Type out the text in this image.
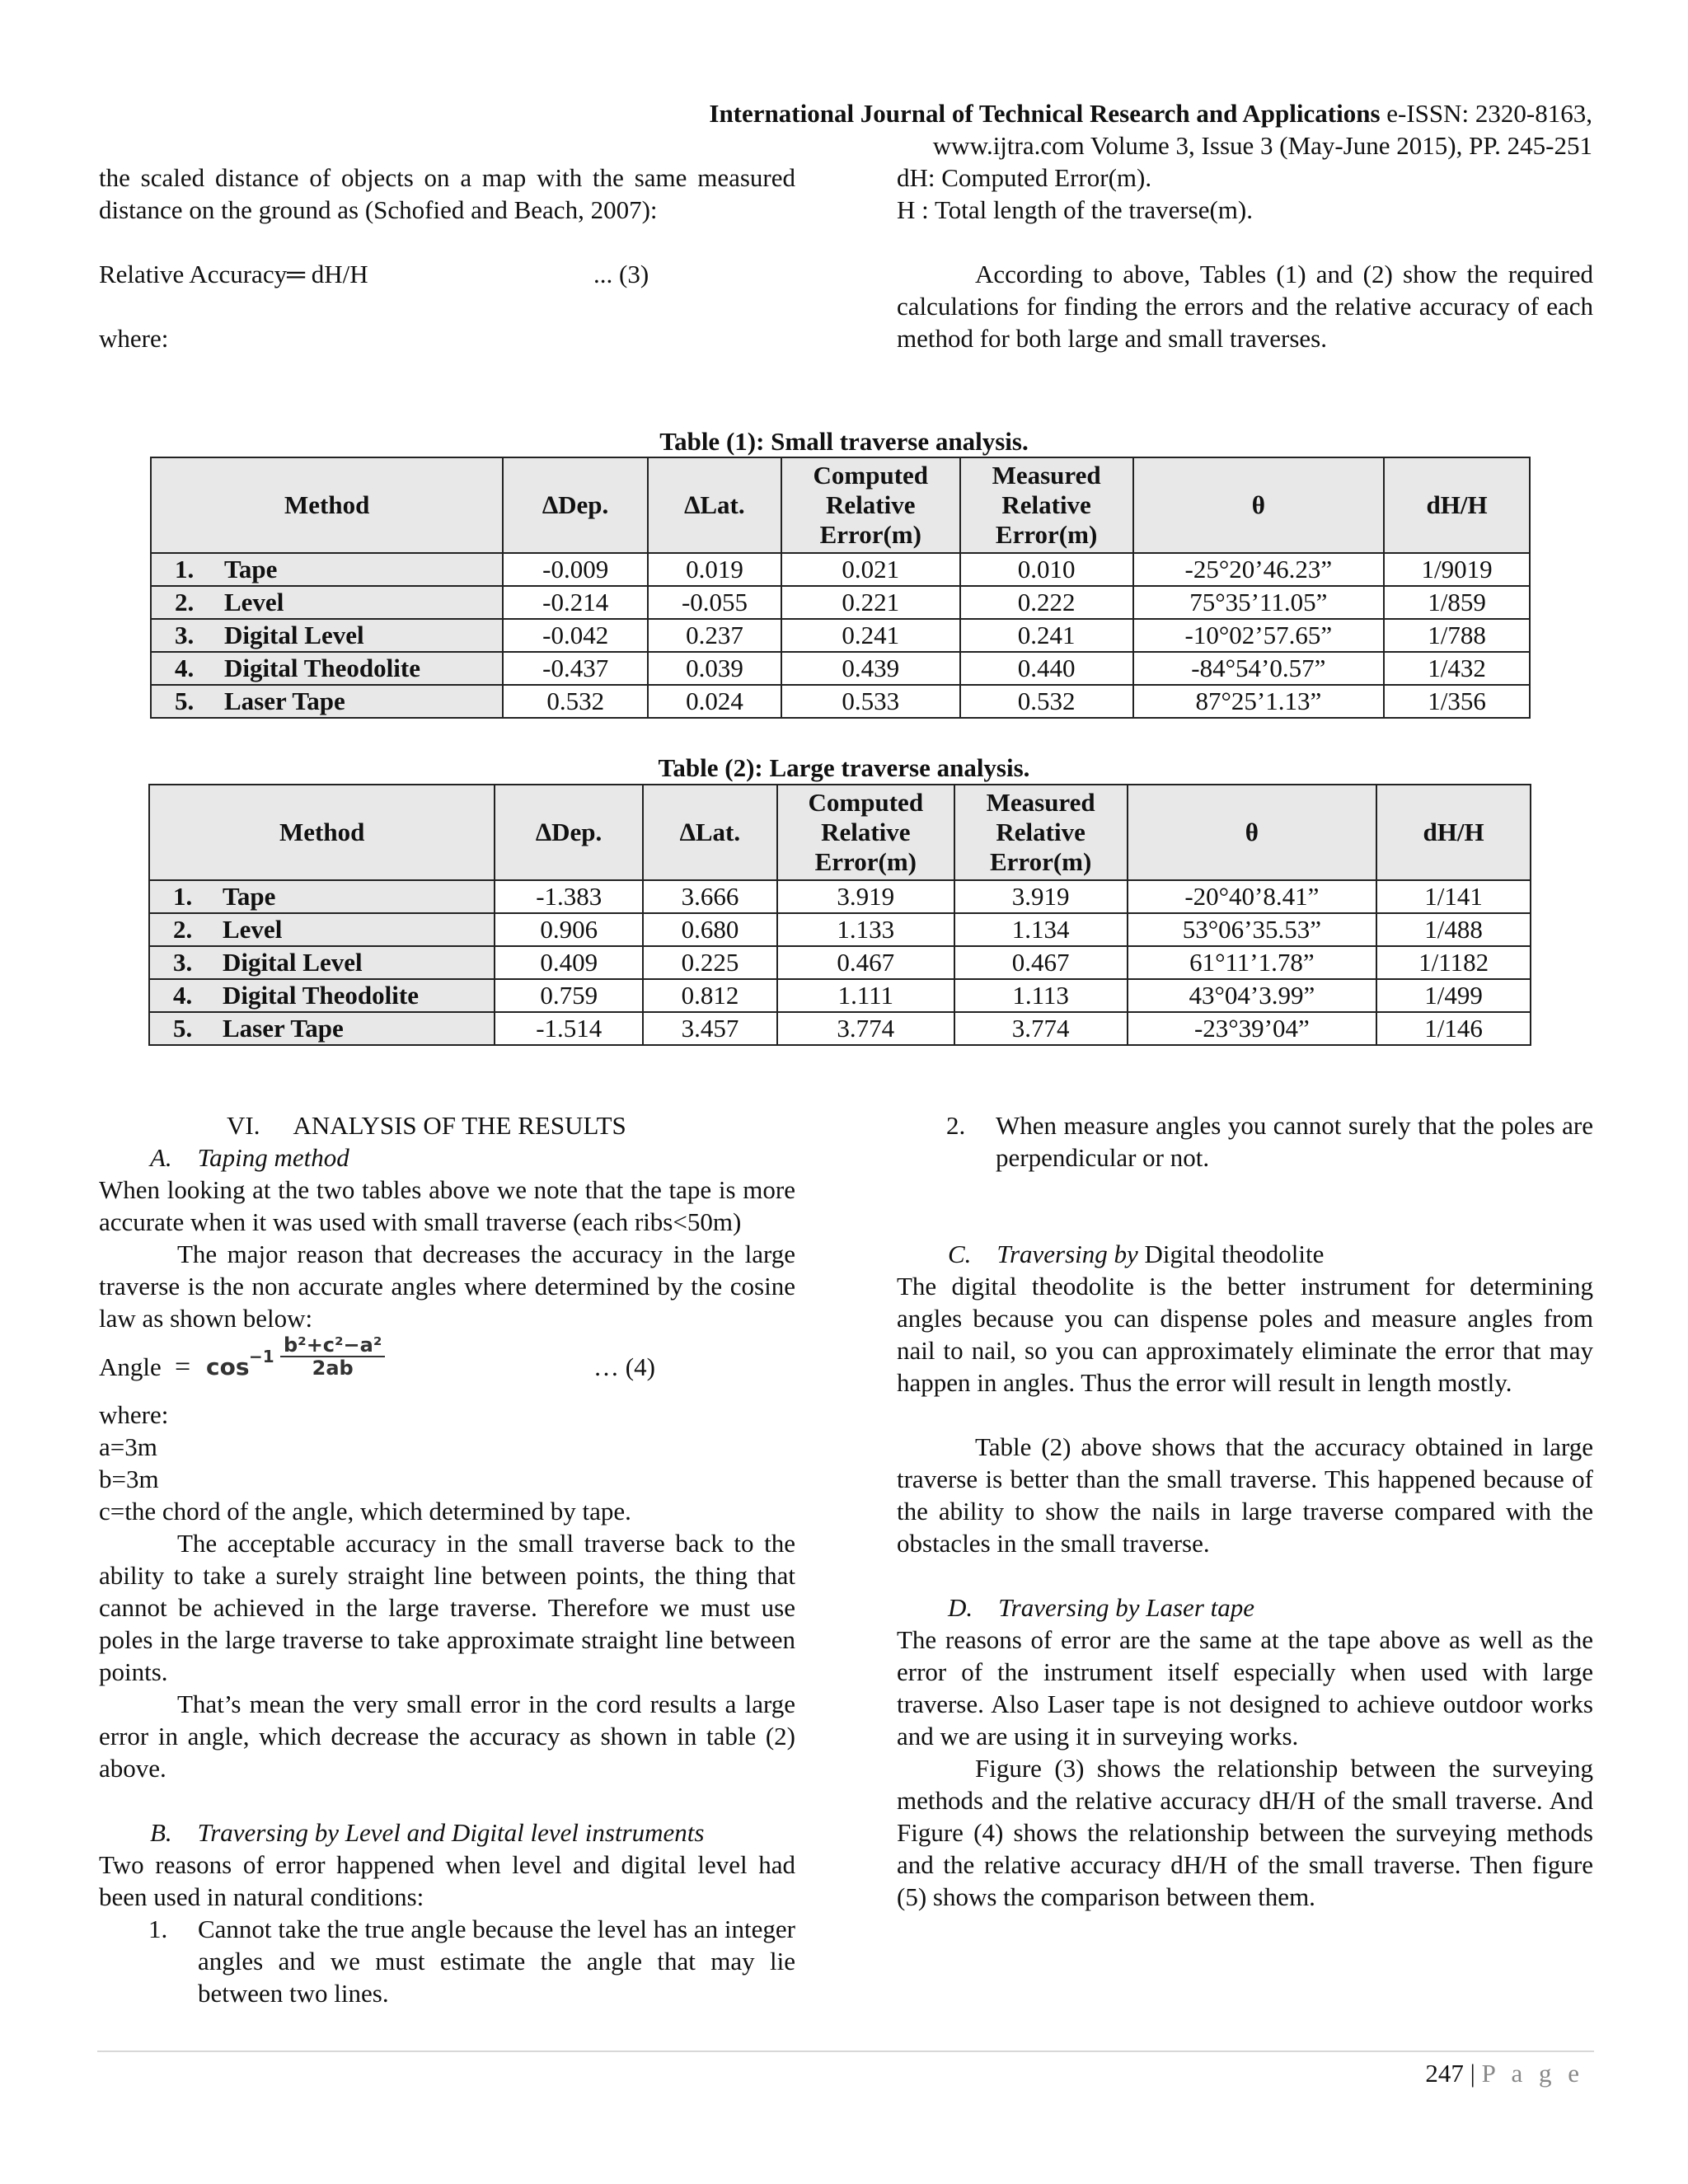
International Journal of Technical Research and Applications e-ISSN: 2320-8163,
www.ijtra.com Volume 3, Issue 3 (May-June 2015), PP. 245-251

the scaled distance of objects on a map with the same measured distance on the ground as (Schofied and Beach, 2007):

Relative Accuracy═ dH/H	... (3)

where:

dH: Computed Error(m).

H : Total length of the traverse(m).

According to above, Tables (1) and (2) show the required calculations for finding the errors and the relative accuracy of each method for both large and small traverses.

Table (1): Small traverse analysis.
Method	∆Dep.	∆Lat.	Computed Relative Error(m)	Measured Relative Error(m)	θ	dH/H
1. Tape	-0.009	0.019	0.021	0.010	-25°20’46.23”	1/9019
2. Level	-0.214	-0.055	0.221	0.222	75°35’11.05”	1/859
3. Digital Level	-0.042	0.237	0.241	0.241	-10°02’57.65”	1/788
4. Digital Theodolite	-0.437	0.039	0.439	0.440	-84°54’0.57”	1/432
5. Laser Tape	0.532	0.024	0.533	0.532	87°25’1.13”	1/356
Table (2): Large traverse analysis.
Method	∆Dep.	∆Lat.	Computed Relative Error(m)	Measured Relative Error(m)	θ	dH/H
1. Tape	-1.383	3.666	3.919	3.919	-20°40’8.41”	1/141
2. Level	0.906	0.680	1.133	1.134	53°06’35.53”	1/488
3. Digital Level	0.409	0.225	0.467	0.467	61°11’1.78”	1/1182
4. Digital Theodolite	0.759	0.812	1.111	1.113	43°04’3.99”	1/499
5. Laser Tape	-1.514	3.457	3.774	3.774	-23°39’04”	1/146
VI. ANALYSIS OF THE RESULTS

A. Taping method

When looking at the two tables above we note that the tape is more accurate when it was used with small traverse (each ribs<50m)

The major reason that decreases the accuracy in the large traverse is the non accurate angles where determined by the cosine law as shown below:

Angle = $\cos -1 \frac{\text{b²+c²−a²}}{2ab}$	… (4)

where:

a=3m

b=3m

c=the chord of the angle, which determined by tape.

The acceptable accuracy in the small traverse back to the ability to take a surely straight line between points, the thing that cannot be achieved in the large traverse. Therefore we must use poles in the large traverse to take approximate straight line between points.

That’s mean the very small error in the cord results a large error in angle, which decrease the accuracy as shown in table (2) above.

B. Traversing by Level and Digital level instruments

Two reasons of error happened when level and digital level had been used in natural conditions:

1.	Cannot take the true angle because the level has an integer angles and we must estimate the angle that may lie between two lines.
2.	When measure angles you cannot surely that the poles are perpendicular or not.

C. Traversing by Digital theodolite

The digital theodolite is the better instrument for determining angles because you can dispense poles and measure angles from nail to nail, so you can approximately eliminate the error that may happen in angles. Thus the error will result in length mostly.

Table (2) above shows that the accuracy obtained in large traverse is better than the small traverse. This happened because of the ability to show the nails in large traverse compared with the obstacles in the small traverse.

D. Traversing by Laser tape

The reasons of error are the same at the tape above as well as the error of the instrument itself especially when used with large traverse. Also Laser tape is not designed to achieve outdoor works and we are using it in surveying works.

Figure (3) shows the relationship between the surveying methods and the relative accuracy dH/H of the small traverse. And Figure (4) shows the relationship between the surveying methods and the relative accuracy dH/H of the small traverse. Then figure (5) shows the comparison between them.

247 | P a g e
